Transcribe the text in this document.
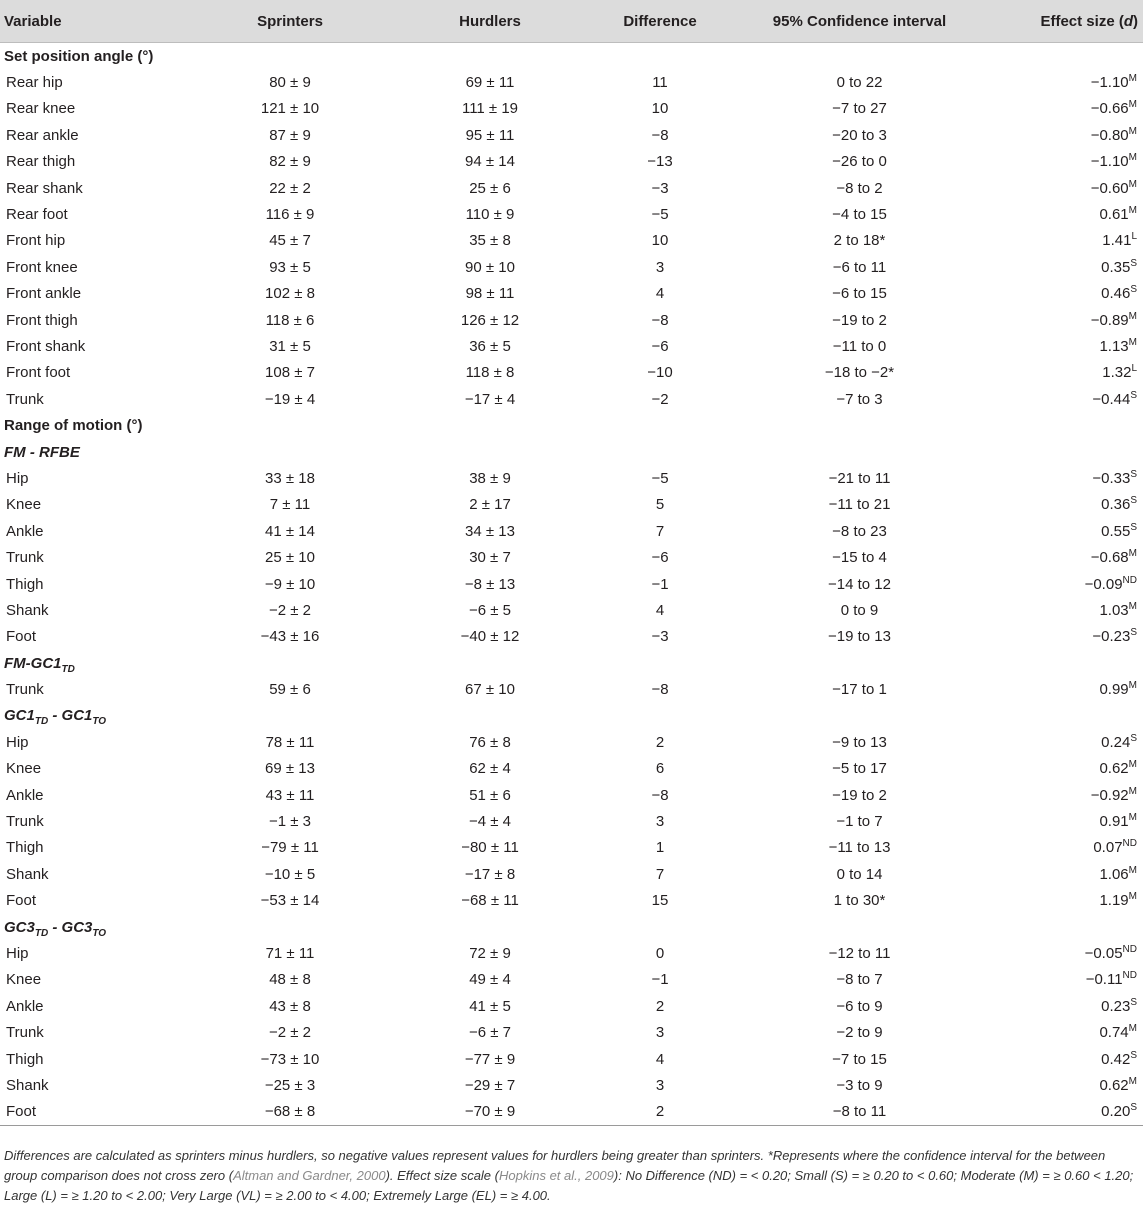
Variable	Sprinters	Hurdlers	Difference	95% Confidence interval	Effect size (d)
Set position angle (°)					
Rear hip	80 ± 9	69 ± 11	11	0 to 22	$-1.10^M$
Rear knee	121 ± 10	111 ± 19	10	−7 to 27	$-0.66^M$
Rear ankle	87 ± 9	95 ± 11	−8	−20 to 3	$-0.80^M$
Rear thigh	82 ± 9	94 ± 14	−13	−26 to 0	$-1.10^M$
Rear shank	22 ± 2	25 ± 6	−3	−8 to 2	$-0.60^M$
Rear foot	116 ± 9	110 ± 9	−5	−4 to 15	$0.61^M$
Front hip	45 ± 7	35 ± 8	10	2 to 18*	$1.41^L$
Front knee	93 ± 5	90 ± 10	3	−6 to 11	$0.35^S$
Front ankle	102 ± 8	98 ± 11	4	−6 to 15	$0.46^S$
Front thigh	118 ± 6	126 ± 12	−8	−19 to 2	$-0.89^M$
Front shank	31 ± 5	36 ± 5	−6	−11 to 0	$1.13^M$
Front foot	108 ± 7	118 ± 8	−10	−18 to −2*	$1.32^L$
Trunk	−19 ± 4	−17 ± 4	−2	−7 to 3	$-0.44^S$
Range of motion (°)					
FM - RFBE					
Hip	33 ± 18	38 ± 9	−5	−21 to 11	$-0.33^S$
Knee	7 ± 11	2 ± 17	5	−11 to 21	$0.36^S$
Ankle	41 ± 14	34 ± 13	7	−8 to 23	$0.55^S$
Trunk	25 ± 10	30 ± 7	−6	−15 to 4	$-0.68^M$
Thigh	−9 ± 10	−8 ± 13	−1	−14 to 12	−0.09ND
Shank	−2 ± 2	−6 ± 5	4	0 to 9	$1.03^M$
Foot	−43 ± 16	−40 ± 12	−3	−19 to 13	$-0.23^S$
$FM-GC1_{TD}$
Trunk	59 ± 6	67 ± 10	−8	−17 to 1	$0.99^M$
$GC1_{TD} - GC1_{TO}$
Hip	78 ± 11	76 ± 8	2	−9 to 13	$0.24^S$
Knee	69 ± 13	62 ± 4	6	−5 to 17	$0.62^M$
Ankle	43 ± 11	51 ± 6	−8	−19 to 2	$-0.92^M$
Trunk	−1 ± 3	−4 ± 4	3	−1 to 7	$0.91^M$
Thigh	−79 ± 11	−80 ± 11	1	−11 to 13	0.07ND
Shank	−10 ± 5	−17 ± 8	7	0 to 14	$1.06^M$
Foot	−53 ± 14	−68 ± 11	15	1 to 30*	$1.19^M$
$GC3_{TD} - GC3_{TO}$
Hip	71 ± 11	72 ± 9	0	−12 to 11	−0.05ND
Knee	48 ± 8	49 ± 4	−1	−8 to 7	−0.11ND
Ankle	43 ± 8	41 ± 5	2	−6 to 9	$0.23^S$
Trunk	−2 ± 2	−6 ± 7	3	−2 to 9	$0.74^M$
Thigh	−73 ± 10	−77 ± 9	4	−7 to 15	$0.42^S$
Shank	−25 ± 3	−29 ± 7	3	−3 to 9	$0.62^M$
Foot	−68 ± 8	−70 ± 9	2	−8 to 11	$0.20^S$
Differences are calculated as sprinters minus hurdlers, so negative values represent values for hurdlers being greater than sprinters. *Represents where the confidence interval for the between group comparison does not cross zero (Altman and Gardner, 2000). Effect size scale (Hopkins et al., 2009): No Difference (ND) = < 0.20; Small (S) = ≥ 0.20 to < 0.60; Moderate (M) = ≥ 0.60 < 1.20; Large (L) = ≥ 1.20 to < 2.00; Very Large (VL) = ≥ 2.00 to < 4.00; Extremely Large (EL) = ≥ 4.00.
